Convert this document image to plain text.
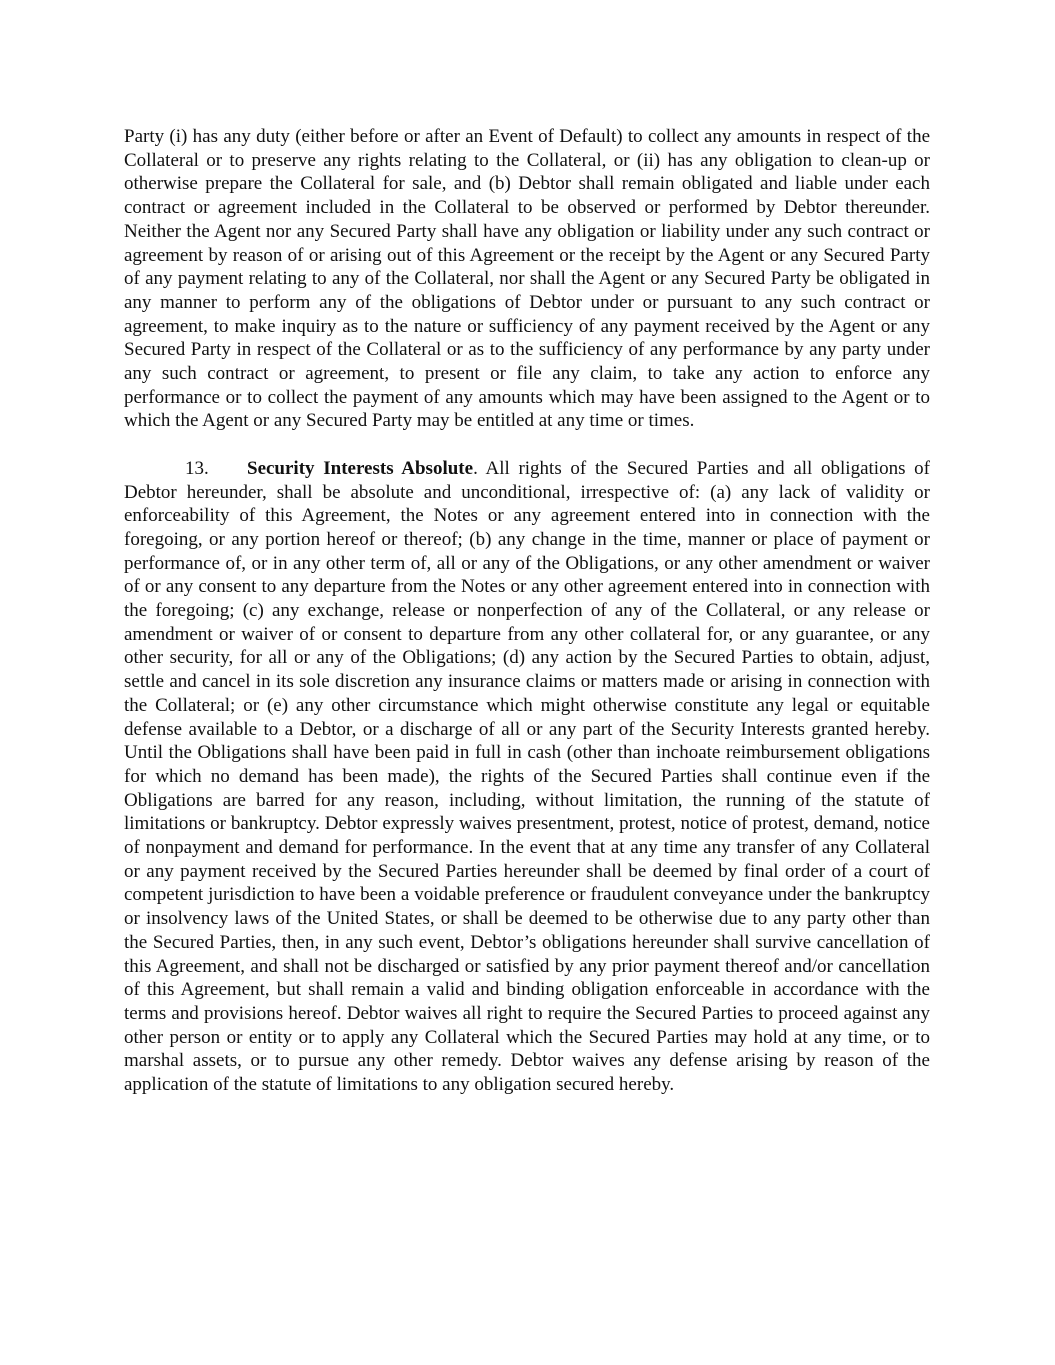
Party (i) has any duty (either before or after an Event of Default) to collect any amounts in respect of the Collateral or to preserve any rights relating to the Collateral, or (ii) has any obligation to clean-up or otherwise prepare the Collateral for sale, and (b) Debtor shall remain obligated and liable under each contract or agreement included in the Collateral to be observed or performed by Debtor thereunder. Neither the Agent nor any Secured Party shall have any obligation or liability under any such contract or agreement by reason of or arising out of this Agreement or the receipt by the Agent or any Secured Party of any payment relating to any of the Collateral, nor shall the Agent or any Secured Party be obligated in any manner to perform any of the obligations of Debtor under or pursuant to any such contract or agreement, to make inquiry as to the nature or sufficiency of any payment received by the Agent or any Secured Party in respect of the Collateral or as to the sufficiency of any performance by any party under any such contract or agreement, to present or file any claim, to take any action to enforce any performance or to collect the payment of any amounts which may have been assigned to the Agent or to which the Agent or any Secured Party may be entitled at any time or times.

13. Security Interests Absolute. All rights of the Secured Parties and all obligations of Debtor hereunder, shall be absolute and unconditional, irrespective of: (a) any lack of validity or enforceability of this Agreement, the Notes or any agreement entered into in connection with the foregoing, or any portion hereof or thereof; (b) any change in the time, manner or place of payment or performance of, or in any other term of, all or any of the Obligations, or any other amendment or waiver of or any consent to any departure from the Notes or any other agreement entered into in connection with the foregoing; (c) any exchange, release or nonperfection of any of the Collateral, or any release or amendment or waiver of or consent to departure from any other collateral for, or any guarantee, or any other security, for all or any of the Obligations; (d) any action by the Secured Parties to obtain, adjust, settle and cancel in its sole discretion any insurance claims or matters made or arising in connection with the Collateral; or (e) any other circumstance which might otherwise constitute any legal or equitable defense available to a Debtor, or a discharge of all or any part of the Security Interests granted hereby. Until the Obligations shall have been paid in full in cash (other than inchoate reimbursement obligations for which no demand has been made), the rights of the Secured Parties shall continue even if the Obligations are barred for any reason, including, without limitation, the running of the statute of limitations or bankruptcy. Debtor expressly waives presentment, protest, notice of protest, demand, notice of nonpayment and demand for performance. In the event that at any time any transfer of any Collateral or any payment received by the Secured Parties hereunder shall be deemed by final order of a court of competent jurisdiction to have been a voidable preference or fraudulent conveyance under the bankruptcy or insolvency laws of the United States, or shall be deemed to be otherwise due to any party other than the Secured Parties, then, in any such event, Debtor’s obligations hereunder shall survive cancellation of this Agreement, and shall not be discharged or satisfied by any prior payment thereof and/or cancellation of this Agreement, but shall remain a valid and binding obligation enforceable in accordance with the terms and provisions hereof. Debtor waives all right to require the Secured Parties to proceed against any other person or entity or to apply any Collateral which the Secured Parties may hold at any time, or to marshal assets, or to pursue any other remedy. Debtor waives any defense arising by reason of the application of the statute of limitations to any obligation secured hereby.
